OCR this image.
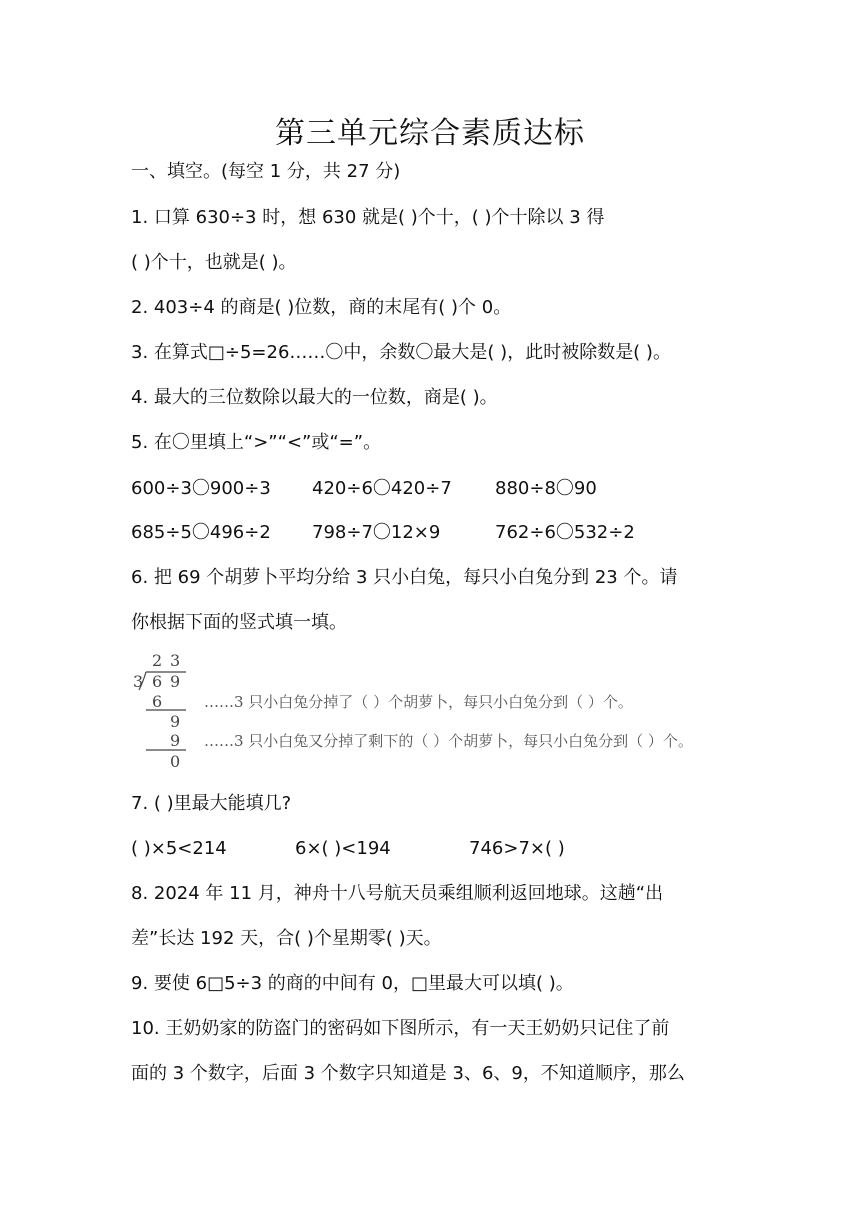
第三单元综合素质达标
一、填空。(每空 1 分，共 27 分)
1. 口算 630÷3 时，想 630 就是( )个十，( )个十除以 3 得
( )个十，也就是( )。
2. 403÷4 的商是( )位数，商的末尾有( )个 0。
3. 在算式□÷5=26……〇中，余数〇最大是( )，此时被除数是( )。
4. 最大的三位数除以最大的一位数，商是( )。
5. 在〇里填上“>”“<”或“=”。
600÷3〇900÷3 420÷6〇420÷7 880÷8〇90
685÷5〇496÷2 798÷7〇12×9	762÷6〇532÷2
6. 把 69 个胡萝卜平均分给 3 只小白兔，每只小白兔分到 23 个。请
你根据下面的竖式填一填。
2 3
3 6 9
6
9
9
0
……3 只小白兔分掉了（ ）个胡萝卜，每只小白兔分到（ ）个。
……3 只小白兔又分掉了剩下的（ ）个胡萝卜，每只小白兔分到（ ）个。
7. ( )里最大能填几?
( )×5<214	6×( )<194	746>7×( )
8. 2024 年 11 月，神舟十八号航天员乘组顺利返回地球。这趟“出
差”长达 192 天，合( )个星期零( )天。
9. 要使 6□5÷3 的商的中间有 0，□里最大可以填( )。
10. 王奶奶家的防盗门的密码如下图所示，有一天王奶奶只记住了前
面的 3 个数字，后面 3 个数字只知道是 3、6、9，不知道顺序，那么
